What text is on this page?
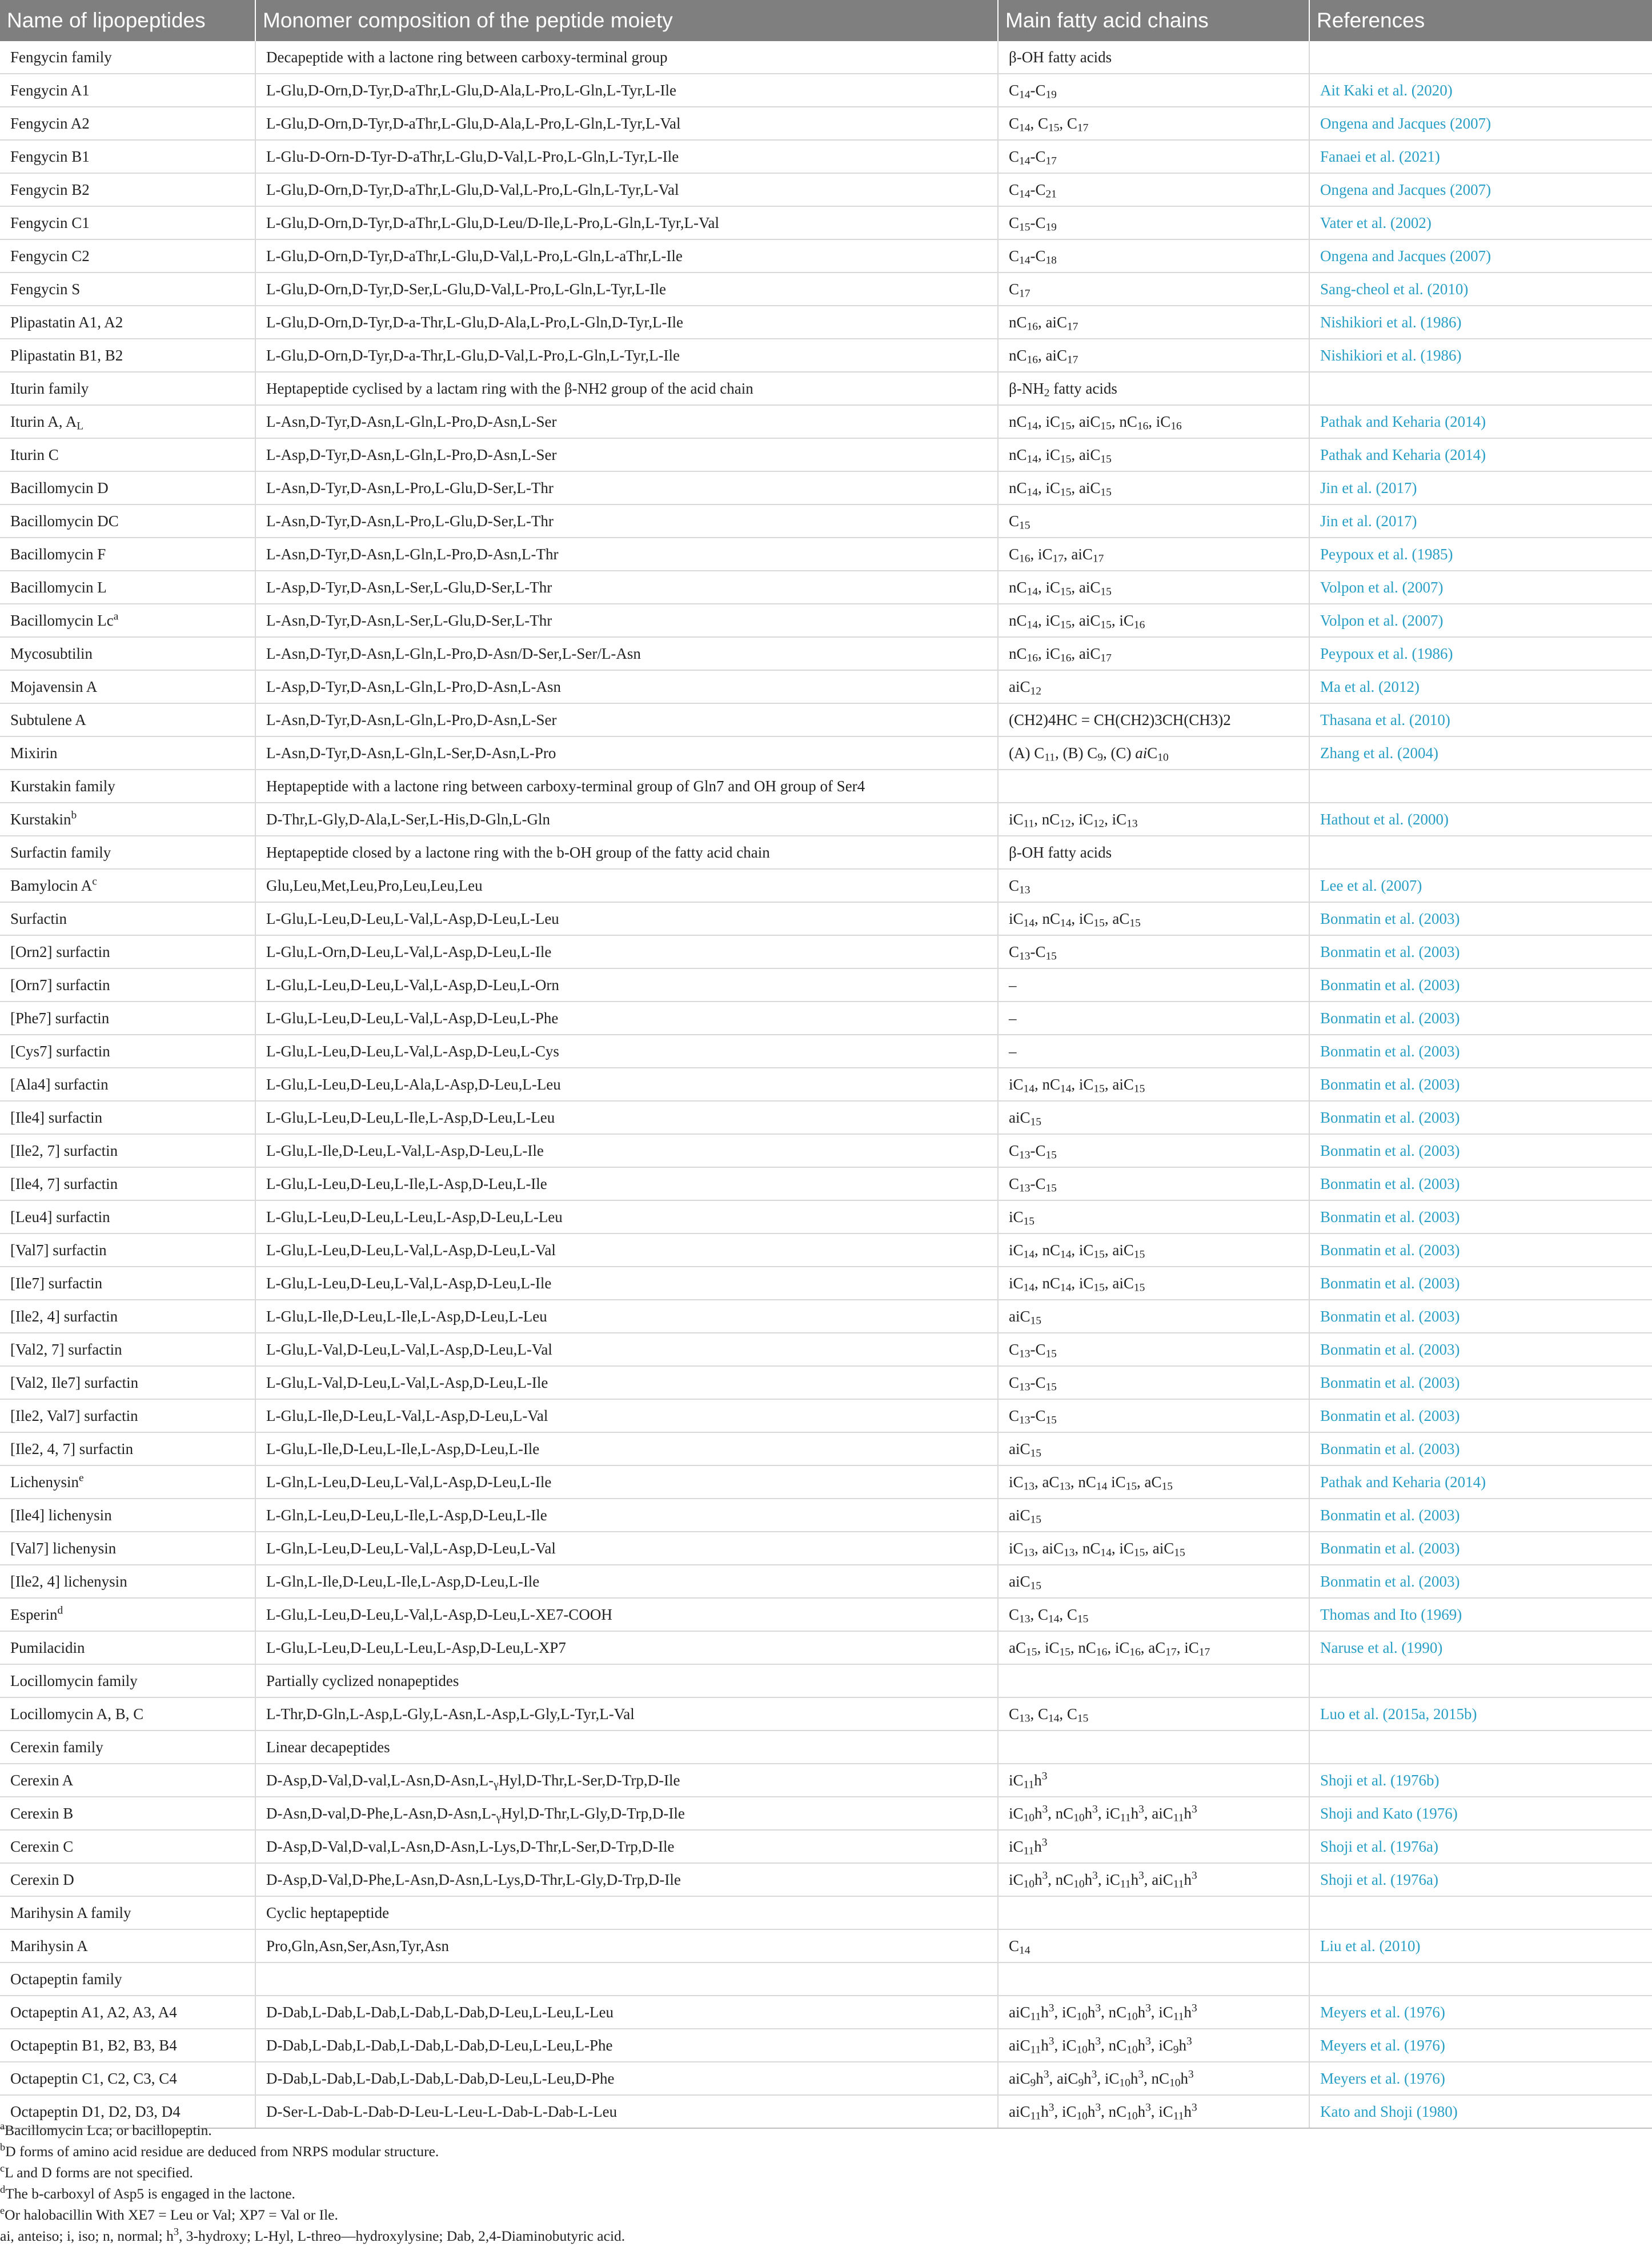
Name of lipopeptides	Monomer composition of the peptide moiety	Main fatty acid chains	References
Fengycin family	Decapeptide with a lactone ring between carboxy-terminal group	β-OH fatty acids	
Fengycin A1	L-Glu,D-Orn,D-Tyr,D-aThr,L-Glu,D-Ala,L-Pro,L-Gln,L-Tyr,L-Ile	$C_{14}-C_{19}$	Ait Kaki et al. (2020)
Fengycin A2	L-Glu,D-Orn,D-Tyr,D-aThr,L-Glu,D-Ala,L-Pro,L-Gln,L-Tyr,L-Val	$C_{14}$, $C_{15}$, $C_{17}$	Ongena and Jacques (2007)
Fengycin B1	L-Glu-D-Orn-D-Tyr-D-aThr,L-Glu,D-Val,L-Pro,L-Gln,L-Tyr,L-Ile	$C_{14}-C_{17}$	Fanaei et al. (2021)
Fengycin B2	L-Glu,D-Orn,D-Tyr,D-aThr,L-Glu,D-Val,L-Pro,L-Gln,L-Tyr,L-Val	$C_{14}-C_{21}$	Ongena and Jacques (2007)
Fengycin C1	L-Glu,D-Orn,D-Tyr,D-aThr,L-Glu,D-Leu/D-Ile,L-Pro,L-Gln,L-Tyr,L-Val	$C_{15}-C_{19}$	Vater et al. (2002)
Fengycin C2	L-Glu,D-Orn,D-Tyr,D-aThr,L-Glu,D-Val,L-Pro,L-Gln,L-aThr,L-Ile	$C_{14}-C_{18}$	Ongena and Jacques (2007)
Fengycin S	L-Glu,D-Orn,D-Tyr,D-Ser,L-Glu,D-Val,L-Pro,L-Gln,L-Tyr,L-Ile	$C_{17}$	Sang-cheol et al. (2010)
Plipastatin A1, A2	L-Glu,D-Orn,D-Tyr,D-a-Thr,L-Glu,D-Ala,L-Pro,L-Gln,D-Tyr,L-Ile	$nC_{16}$, aiC$_{17}$	Nishikiori et al. (1986)
Plipastatin B1, B2	L-Glu,D-Orn,D-Tyr,D-a-Thr,L-Glu,D-Val,L-Pro,L-Gln,L-Tyr,L-Ile	$nC_{16}$, aiC$_{17}$	Nishikiori et al. (1986)
Iturin family	Heptapeptide cyclised by a lactam ring with the β-NH2 group of the acid chain	$\beta-NH_2$ fatty acids	
Iturin A, $A_L$	L-Asn,D-Tyr,D-Asn,L-Gln,L-Pro,D-Asn,L-Ser	$nC_{14}$, $iC_{15}$, aiC$_{15}$, $nC_{16}$, $iC_{16}$	Pathak and Keharia (2014)
Iturin C	L-Asp,D-Tyr,D-Asn,L-Gln,L-Pro,D-Asn,L-Ser	$nC_{14}$, $iC_{15}$, aiC$_{15}$	Pathak and Keharia (2014)
Bacillomycin D	L-Asn,D-Tyr,D-Asn,L-Pro,L-Glu,D-Ser,L-Thr	$nC_{14}$, $iC_{15}$, aiC$_{15}$	Jin et al. (2017)
Bacillomycin DC	L-Asn,D-Tyr,D-Asn,L-Pro,L-Glu,D-Ser,L-Thr	$C_{15}$	Jin et al. (2017)
Bacillomycin F	L-Asn,D-Tyr,D-Asn,L-Gln,L-Pro,D-Asn,L-Thr	$C_{16}$, $iC_{17}$, aiC$_{17}$	Peypoux et al. (1985)
Bacillomycin L	L-Asp,D-Tyr,D-Asn,L-Ser,L-Glu,D-Ser,L-Thr	$nC_{14}$, $iC_{15}$, aiC$_{15}$	Volpon et al. (2007)
Bacillomycin Lc$^a$	L-Asn,D-Tyr,D-Asn,L-Ser,L-Glu,D-Ser,L-Thr	$nC_{14}$, $iC_{15}$, aiC$_{15}$, $iC_{16}$	Volpon et al. (2007)
Mycosubtilin	L-Asn,D-Tyr,D-Asn,L-Gln,L-Pro,D-Asn/D-Ser,L-Ser/L-Asn	$nC_{16}$, $iC_{16}$, aiC$_{17}$	Peypoux et al. (1986)
Mojavensin A	L-Asp,D-Tyr,D-Asn,L-Gln,L-Pro,D-Asn,L-Asn	aiC$_{12}$	Ma et al. (2012)
Subtulene A	L-Asn,D-Tyr,D-Asn,L-Gln,L-Pro,D-Asn,L-Ser	(CH2)4HC = CH(CH2)3CH(CH3)2	Thasana et al. (2010)
Mixirin	L-Asn,D-Tyr,D-Asn,L-Gln,L-Ser,D-Asn,L-Pro	(A) $C_{11}$, (B) $C_9$, (C) aiC$_{10}$	Zhang et al. (2004)
Kurstakin family	Heptapeptide with a lactone ring between carboxy-terminal group of Gln7 and OH group of Ser4		
Kurstakin$^b$	D-Thr,L-Gly,D-Ala,L-Ser,L-His,D-Gln,L-Gln	$iC_{11}$, $nC_{12}$, $iC_{12}$, $iC_{13}$	Hathout et al. (2000)
Surfactin family	Heptapeptide closed by a lactone ring with the b-OH group of the fatty acid chain	β-OH fatty acids	
Bamylocin $A^c$	Glu,Leu,Met,Leu,Pro,Leu,Leu,Leu	$C_{13}$	Lee et al. (2007)
Surfactin	L-Glu,L-Leu,D-Leu,L-Val,L-Asp,D-Leu,L-Leu	$iC_{14}$, $nC_{14}$, $iC_{15}$, $aC_{15}$	Bonmatin et al. (2003)
[Orn2] surfactin	L-Glu,L-Orn,D-Leu,L-Val,L-Asp,D-Leu,L-Ile	$C_{13}-C_{15}$	Bonmatin et al. (2003)
[Orn7] surfactin	L-Glu,L-Leu,D-Leu,L-Val,L-Asp,D-Leu,L-Orn	–	Bonmatin et al. (2003)
[Phe7] surfactin	L-Glu,L-Leu,D-Leu,L-Val,L-Asp,D-Leu,L-Phe	–	Bonmatin et al. (2003)
[Cys7] surfactin	L-Glu,L-Leu,D-Leu,L-Val,L-Asp,D-Leu,L-Cys	–	Bonmatin et al. (2003)
[Ala4] surfactin	L-Glu,L-Leu,D-Leu,L-Ala,L-Asp,D-Leu,L-Leu	$iC_{14}$, $nC_{14}$, $iC_{15}$, aiC$_{15}$	Bonmatin et al. (2003)
[Ile4] surfactin	L-Glu,L-Leu,D-Leu,L-Ile,L-Asp,D-Leu,L-Leu	aiC$_{15}$	Bonmatin et al. (2003)
[Ile2, 7] surfactin	L-Glu,L-Ile,D-Leu,L-Val,L-Asp,D-Leu,L-Ile	$C_{13}-C_{15}$	Bonmatin et al. (2003)
[Ile4, 7] surfactin	L-Glu,L-Leu,D-Leu,L-Ile,L-Asp,D-Leu,L-Ile	$C_{13}-C_{15}$	Bonmatin et al. (2003)
[Leu4] surfactin	L-Glu,L-Leu,D-Leu,L-Leu,L-Asp,D-Leu,L-Leu	$iC_{15}$	Bonmatin et al. (2003)
[Val7] surfactin	L-Glu,L-Leu,D-Leu,L-Val,L-Asp,D-Leu,L-Val	$iC_{14}$, $nC_{14}$, $iC_{15}$, aiC$_{15}$	Bonmatin et al. (2003)
[Ile7] surfactin	L-Glu,L-Leu,D-Leu,L-Val,L-Asp,D-Leu,L-Ile	$iC_{14}$, $nC_{14}$, $iC_{15}$, aiC$_{15}$	Bonmatin et al. (2003)
[Ile2, 4] surfactin	L-Glu,L-Ile,D-Leu,L-Ile,L-Asp,D-Leu,L-Leu	aiC$_{15}$	Bonmatin et al. (2003)
[Val2, 7] surfactin	L-Glu,L-Val,D-Leu,L-Val,L-Asp,D-Leu,L-Val	$C_{13}-C_{15}$	Bonmatin et al. (2003)
[Val2, Ile7] surfactin	L-Glu,L-Val,D-Leu,L-Val,L-Asp,D-Leu,L-Ile	$C_{13}-C_{15}$	Bonmatin et al. (2003)
[Ile2, Val7] surfactin	L-Glu,L-Ile,D-Leu,L-Val,L-Asp,D-Leu,L-Val	$C_{13}-C_{15}$	Bonmatin et al. (2003)
[Ile2, 4, 7] surfactin	L-Glu,L-Ile,D-Leu,L-Ile,L-Asp,D-Leu,L-Ile	aiC$_{15}$	Bonmatin et al. (2003)
Lichenysin$^e$	L-Gln,L-Leu,D-Leu,L-Val,L-Asp,D-Leu,L-Ile	$iC_{13}$, $aC_{13}$, $nC_{14}$ $iC_{15}$, $aC_{15}$	Pathak and Keharia (2014)
[Ile4] lichenysin	L-Gln,L-Leu,D-Leu,L-Ile,L-Asp,D-Leu,L-Ile	aiC$_{15}$	Bonmatin et al. (2003)
[Val7] lichenysin	L-Gln,L-Leu,D-Leu,L-Val,L-Asp,D-Leu,L-Val	$iC_{13}$, aiC$_{13}$, $nC_{14}$, $iC_{15}$, aiC$_{15}$	Bonmatin et al. (2003)
[Ile2, 4] lichenysin	L-Gln,L-Ile,D-Leu,L-Ile,L-Asp,D-Leu,L-Ile	aiC$_{15}$	Bonmatin et al. (2003)
Esperin$^d$	L-Glu,L-Leu,D-Leu,L-Val,L-Asp,D-Leu,L-XE7-COOH	$C_{13}$, $C_{14}$, $C_{15}$	Thomas and Ito (1969)
Pumilacidin	L-Glu,L-Leu,D-Leu,L-Leu,L-Asp,D-Leu,L-XP7	$aC_{15}$, $iC_{15}$, $nC_{16}$, $iC_{16}$, $aC_{17}$, $iC_{17}$	Naruse et al. (1990)
Locillomycin family	Partially cyclized nonapeptides		
Locillomycin A, B, C	L-Thr,D-Gln,L-Asp,L-Gly,L-Asn,L-Asp,L-Gly,L-Tyr,L-Val	$C_{13}$, $C_{14}$, $C_{15}$	Luo et al. (2015a, 2015b)
Cerexin family	Linear decapeptides		
Cerexin A	$D-Asp,D-Val,D-val,L-Asn,D-Asn,L-_\gamma Hyl,D-Thr,L-Ser,D-Trp,D$-Ile	$iC_{11}h^3$	Shoji et al. (1976b)
Cerexin B	$D-Asn,D-val,D-Phe,L-Asn,D-Asn,L-_\gamma Hyl,D-Thr,L-Gly,D-Trp,D$-Ile	$iC_{10}h^3$, $nC_{10}h^3$, $iC_{11}h^3$, $aiC_{11}h^3$	Shoji and Kato (1976)
Cerexin C	D-Asp,D-Val,D-val,L-Asn,D-Asn,L-Lys,D-Thr,L-Ser,D-Trp,D-Ile	$iC_{11}h^3$	Shoji et al. (1976a)
Cerexin D	D-Asp,D-Val,D-Phe,L-Asn,D-Asn,L-Lys,D-Thr,L-Gly,D-Trp,D-Ile	$iC_{10}h^3$, $nC_{10}h^3$, $iC_{11}h^3$, $aiC_{11}h^3$	Shoji et al. (1976a)
Marihysin A family	Cyclic heptapeptide		
Marihysin A	Pro,Gln,Asn,Ser,Asn,Tyr,Asn	$C_{14}$	Liu et al. (2010)
Octapeptin family			
Octapeptin A1, A2, A3, A4	D-Dab,L-Dab,L-Dab,L-Dab,L-Dab,D-Leu,L-Leu,L-Leu	$aiC_{11}h^3$, $iC_{10}h^3$, $nC_{10}h^3$, $iC_{11}h^3$	Meyers et al. (1976)
Octapeptin B1, B2, B3, B4	D-Dab,L-Dab,L-Dab,L-Dab,L-Dab,D-Leu,L-Leu,L-Phe	$aiC_{11}h^3$, $iC_{10}h^3$, $nC_{10}h^3$, $iC_9h^3$	Meyers et al. (1976)
Octapeptin C1, C2, C3, C4	D-Dab,L-Dab,L-Dab,L-Dab,L-Dab,D-Leu,L-Leu,D-Phe	$aiC_9h^3$, $aiC_9h^3$, $iC_{10}h^3$, $nC_{10}h^3$	Meyers et al. (1976)
Octapeptin D1, D2, D3, D4	D-Ser-L-Dab-L-Dab-D-Leu-L-Leu-L-Dab-L-Dab-L-Leu	$aiC_{11}h^3$, $iC_{10}h^3$, $nC_{10}h^3$, $iC_{11}h^3$	Kato and Shoji (1980)
$^a$Bacillomycin Lca; or bacillopeptin.
$^b$D forms of amino acid residue are deduced from NRPS modular structure.
$^c$L and D forms are not specified.
$^d$The b-carboxyl of Asp5 is engaged in the lactone.
$^e$Or halobacillin With XE7 = Leu or Val; XP7 = Val or Ile.
ai, anteiso; i, iso; n, normal; $h^3$, 3-hydroxy; L-Hyl, L-threo—hydroxylysine; Dab, 2,4-Diaminobutyric acid.
